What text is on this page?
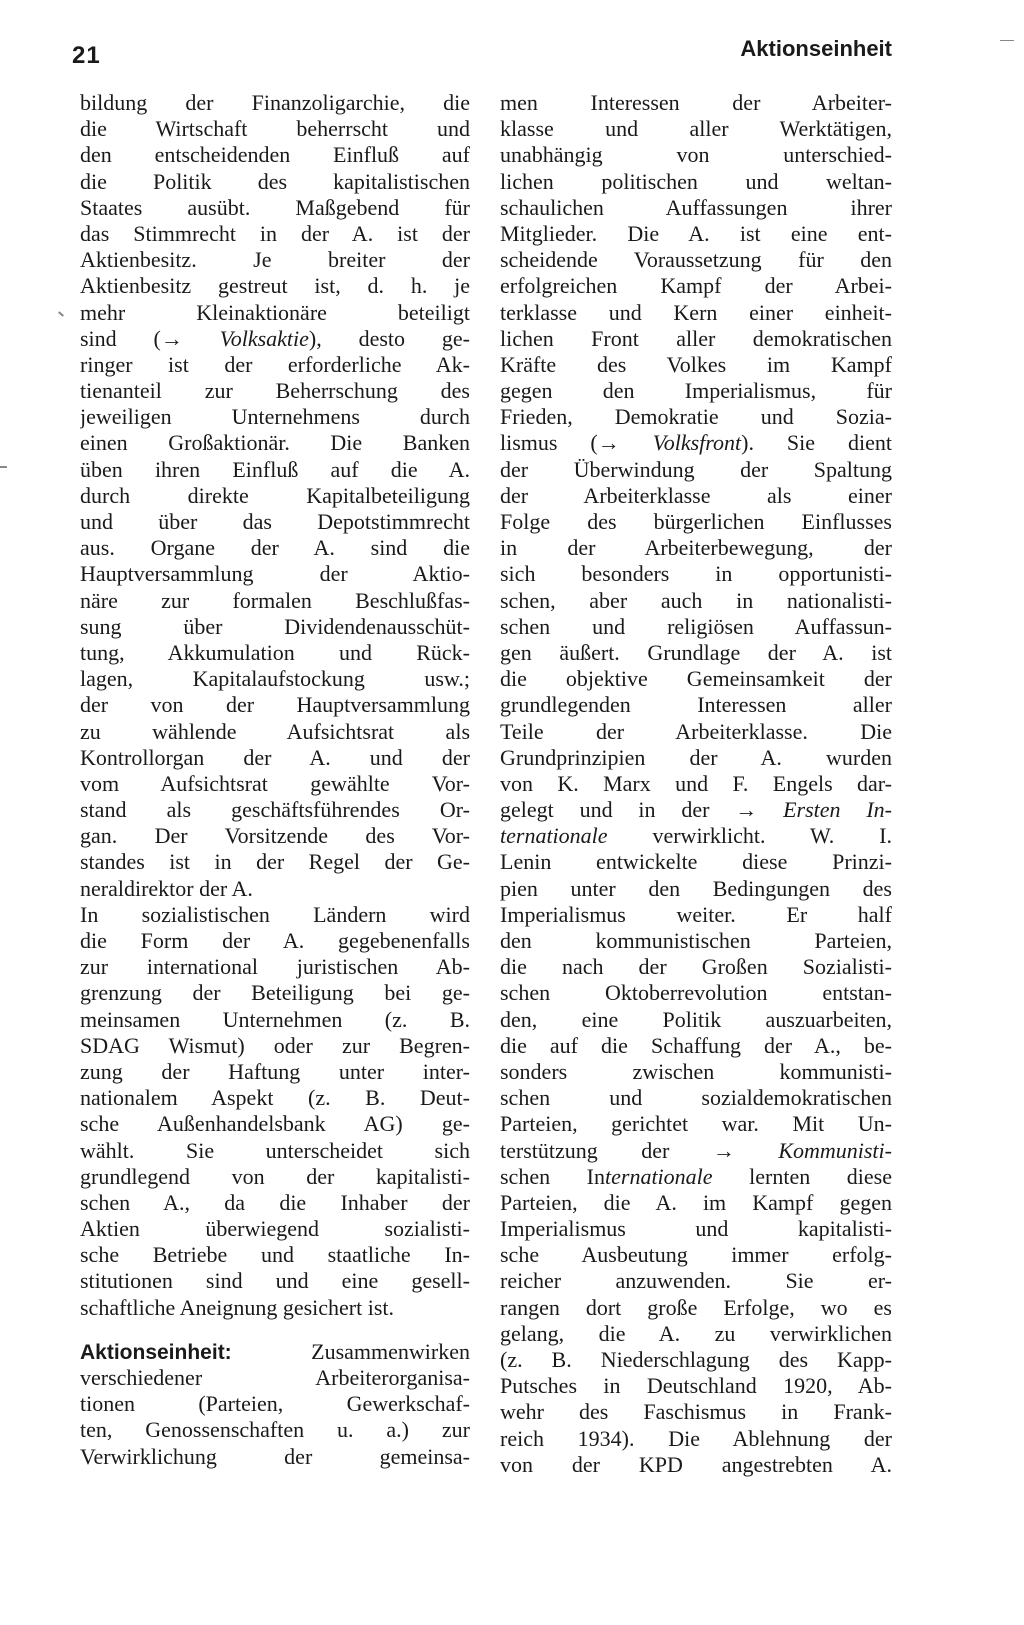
21	Aktionseinheit
bildung der Finanzoligarchie, die
die Wirtschaft beherrscht und
den entscheidenden Einfluß auf
die Politik des kapitalistischen
Staates ausübt. Maßgebend für
das Stimmrecht in der A. ist der
Aktienbesitz. Je breiter der
Aktienbesitz gestreut ist, d. h. je
mehr Kleinaktionäre beteiligt
sind (→ Volksaktie), desto ge-
ringer ist der erforderliche Ak-
tienanteil zur Beherrschung des
jeweiligen Unternehmens durch
einen Großaktionär. Die Banken
üben ihren Einfluß auf die A.
durch direkte Kapitalbeteiligung
und über das Depotstimmrecht
aus. Organe der A. sind die
Hauptversammlung der Aktio-
näre zur formalen Beschlußfas-
sung über Dividendenausschüt-
tung, Akkumulation und Rück-
lagen, Kapitalaufstockung usw.;
der von der Hauptversammlung
zu wählende Aufsichtsrat als
Kontrollorgan der A. und der
vom Aufsichtsrat gewählte Vor-
stand als geschäftsführendes Or-
gan. Der Vorsitzende des Vor-
standes ist in der Regel der Ge-
neraldirektor der A.
In sozialistischen Ländern wird
die Form der A. gegebenenfalls
zur international juristischen Ab-
grenzung der Beteiligung bei ge-
meinsamen Unternehmen (z. B.
SDAG Wismut) oder zur Begren-
zung der Haftung unter inter-
nationalem Aspekt (z. B. Deut-
sche Außenhandelsbank AG) ge-
wählt. Sie unterscheidet sich
grundlegend von der kapitalisti-
schen A., da die Inhaber der
Aktien überwiegend sozialisti-
sche Betriebe und staatliche In-
stitutionen sind und eine gesell-
schaftliche Aneignung gesichert ist.
Aktionseinheit: Zusammenwirken
verschiedener Arbeiterorganisa-
tionen (Parteien, Gewerkschaf-
ten, Genossenschaften u. a.) zur
Verwirklichung der gemeinsa-
men Interessen der Arbeiter-
klasse und aller Werktätigen,
unabhängig von unterschied-
lichen politischen und weltan-
schaulichen Auffassungen ihrer
Mitglieder. Die A. ist eine ent-
scheidende Voraussetzung für den
erfolgreichen Kampf der Arbei-
terklasse und Kern einer einheit-
lichen Front aller demokratischen
Kräfte des Volkes im Kampf
gegen den Imperialismus, für
Frieden, Demokratie und Sozia-
lismus (→ Volksfront). Sie dient
der Überwindung der Spaltung
der Arbeiterklasse als einer
Folge des bürgerlichen Einflusses
in der Arbeiterbewegung, der
sich besonders in opportunisti-
schen, aber auch in nationalisti-
schen und religiösen Auffassun-
gen äußert. Grundlage der A. ist
die objektive Gemeinsamkeit der
grundlegenden Interessen aller
Teile der Arbeiterklasse. Die
Grundprinzipien der A. wurden
von K. Marx und F. Engels dar-
gelegt und in der → Ersten In-
ternationale verwirklicht. W. I.
Lenin entwickelte diese Prinzi-
pien unter den Bedingungen des
Imperialismus weiter. Er half
den kommunistischen Parteien,
die nach der Großen Sozialisti-
schen Oktoberrevolution entstan-
den, eine Politik auszuarbeiten,
die auf die Schaffung der A., be-
sonders zwischen kommunisti-
schen und sozialdemokratischen
Parteien, gerichtet war. Mit Un-
terstützung der → Kommunisti-
schen Internationale lernten diese
Parteien, die A. im Kampf gegen
Imperialismus und kapitalisti-
sche Ausbeutung immer erfolg-
reicher anzuwenden. Sie er-
rangen dort große Erfolge, wo es
gelang, die A. zu verwirklichen
(z. B. Niederschlagung des Kapp-
Putsches in Deutschland 1920, Ab-
wehr des Faschismus in Frank-
reich 1934). Die Ablehnung der
von der KPD angestrebten A.
